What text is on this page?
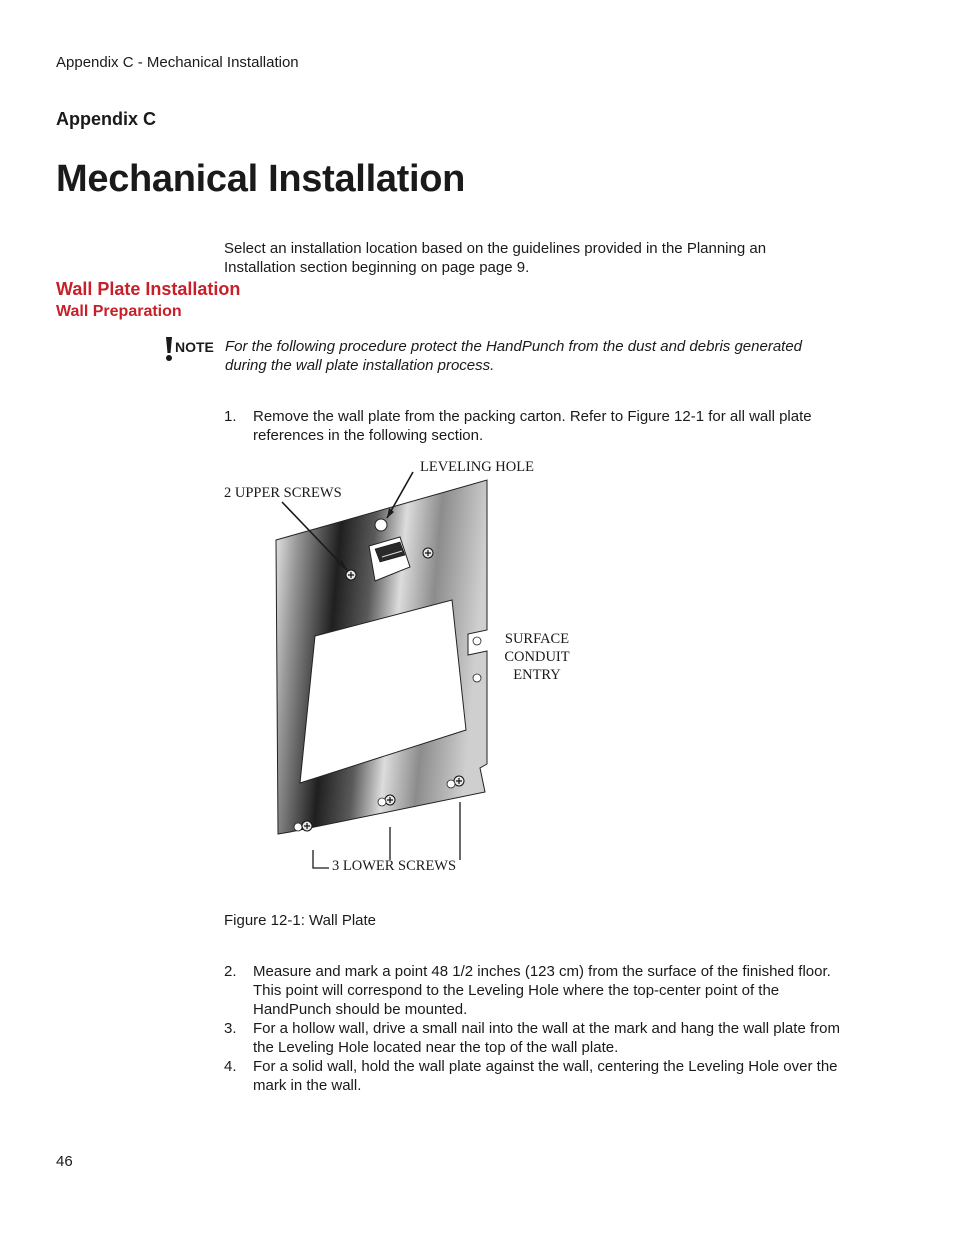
Appendix C - Mechanical Installation
Appendix C
Mechanical Installation
Select an installation location based on the guidelines provided in the Planning an Installation section beginning on page page 9.
Wall Plate Installation
Wall Preparation
NOTE For the following procedure protect the HandPunch from the dust and debris generated during the wall plate installation process.
1.	Remove the wall plate from the packing carton. Refer to Figure 12-1 for all wall plate references in the following section.
LEVELING HOLE
2 UPPER SCREWS
SURFACE
CONDUIT
ENTRY
3 LOWER SCREWS
Figure 12-1: Wall Plate
2.	Measure and mark a point 48 1/2 inches (123 cm) from the surface of the finished floor. This point will correspond to the Leveling Hole where the top-center point of the HandPunch should be mounted.
3.	For a hollow wall, drive a small nail into the wall at the mark and hang the wall plate from the Leveling Hole located near the top of the wall plate.
4.	For a solid wall, hold the wall plate against the wall, centering the Leveling Hole over the mark in the wall.
46
